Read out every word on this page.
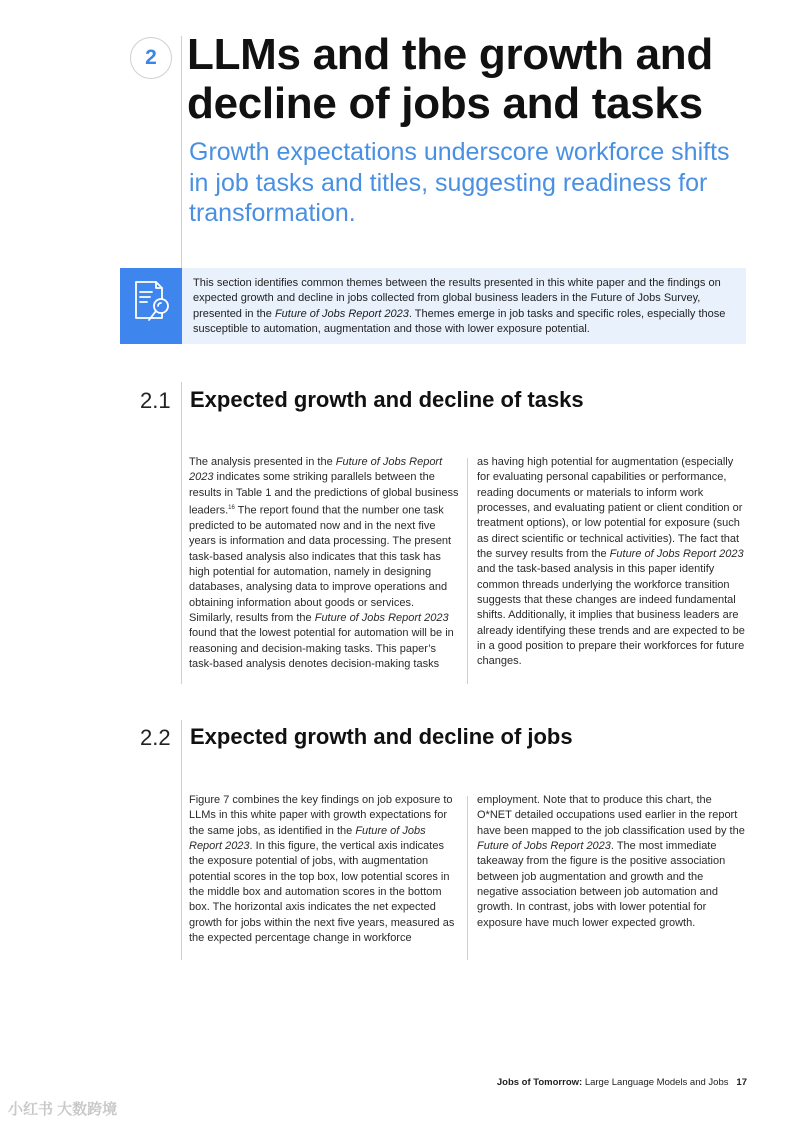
2 LLMs and the growth and decline of jobs and tasks
Growth expectations underscore workforce shifts in job tasks and titles, suggesting readiness for transformation.
This section identifies common themes between the results presented in this white paper and the findings on expected growth and decline in jobs collected from global business leaders in the Future of Jobs Survey, presented in the Future of Jobs Report 2023. Themes emerge in job tasks and specific roles, especially those susceptible to automation, augmentation and those with lower exposure potential.
2.1 Expected growth and decline of tasks
The analysis presented in the Future of Jobs Report 2023 indicates some striking parallels between the results in Table 1 and the predictions of global business leaders.$^{16}$ The report found that the number one task predicted to be automated now and in the next five years is information and data processing. The present task-based analysis also indicates that this task has high potential for automation, namely in designing databases, analysing data to improve operations and obtaining information about goods or services. Similarly, results from the Future of Jobs Report 2023 found that the lowest potential for automation will be in reasoning and decision-making tasks. This paper’s task-based analysis denotes decision-making tasks
as having high potential for augmentation (especially for evaluating personal capabilities or performance, reading documents or materials to inform work processes, and evaluating patient or client condition or treatment options), or low potential for exposure (such as direct scientific or technical activities). The fact that the survey results from the Future of Jobs Report 2023 and the task-based analysis in this paper identify common threads underlying the workforce transition suggests that these changes are indeed fundamental shifts. Additionally, it implies that business leaders are already identifying these trends and are expected to be in a good position to prepare their workforces for future changes.
2.2 Expected growth and decline of jobs
Figure 7 combines the key findings on job exposure to LLMs in this white paper with growth expectations for the same jobs, as identified in the Future of Jobs Report 2023. In this figure, the vertical axis indicates the exposure potential of jobs, with augmentation potential scores in the top box, low potential scores in the middle box and automation scores in the bottom box. The horizontal axis indicates the net expected growth for jobs within the next five years, measured as the expected percentage change in workforce
employment. Note that to produce this chart, the O*NET detailed occupations used earlier in the report have been mapped to the job classification used by the Future of Jobs Report 2023. The most immediate takeaway from the figure is the positive association between job augmentation and growth and the negative association between job automation and growth. In contrast, jobs with lower potential for exposure have much lower expected growth.
Jobs of Tomorrow: Large Language Models and Jobs 17
小红书 大数跨境
